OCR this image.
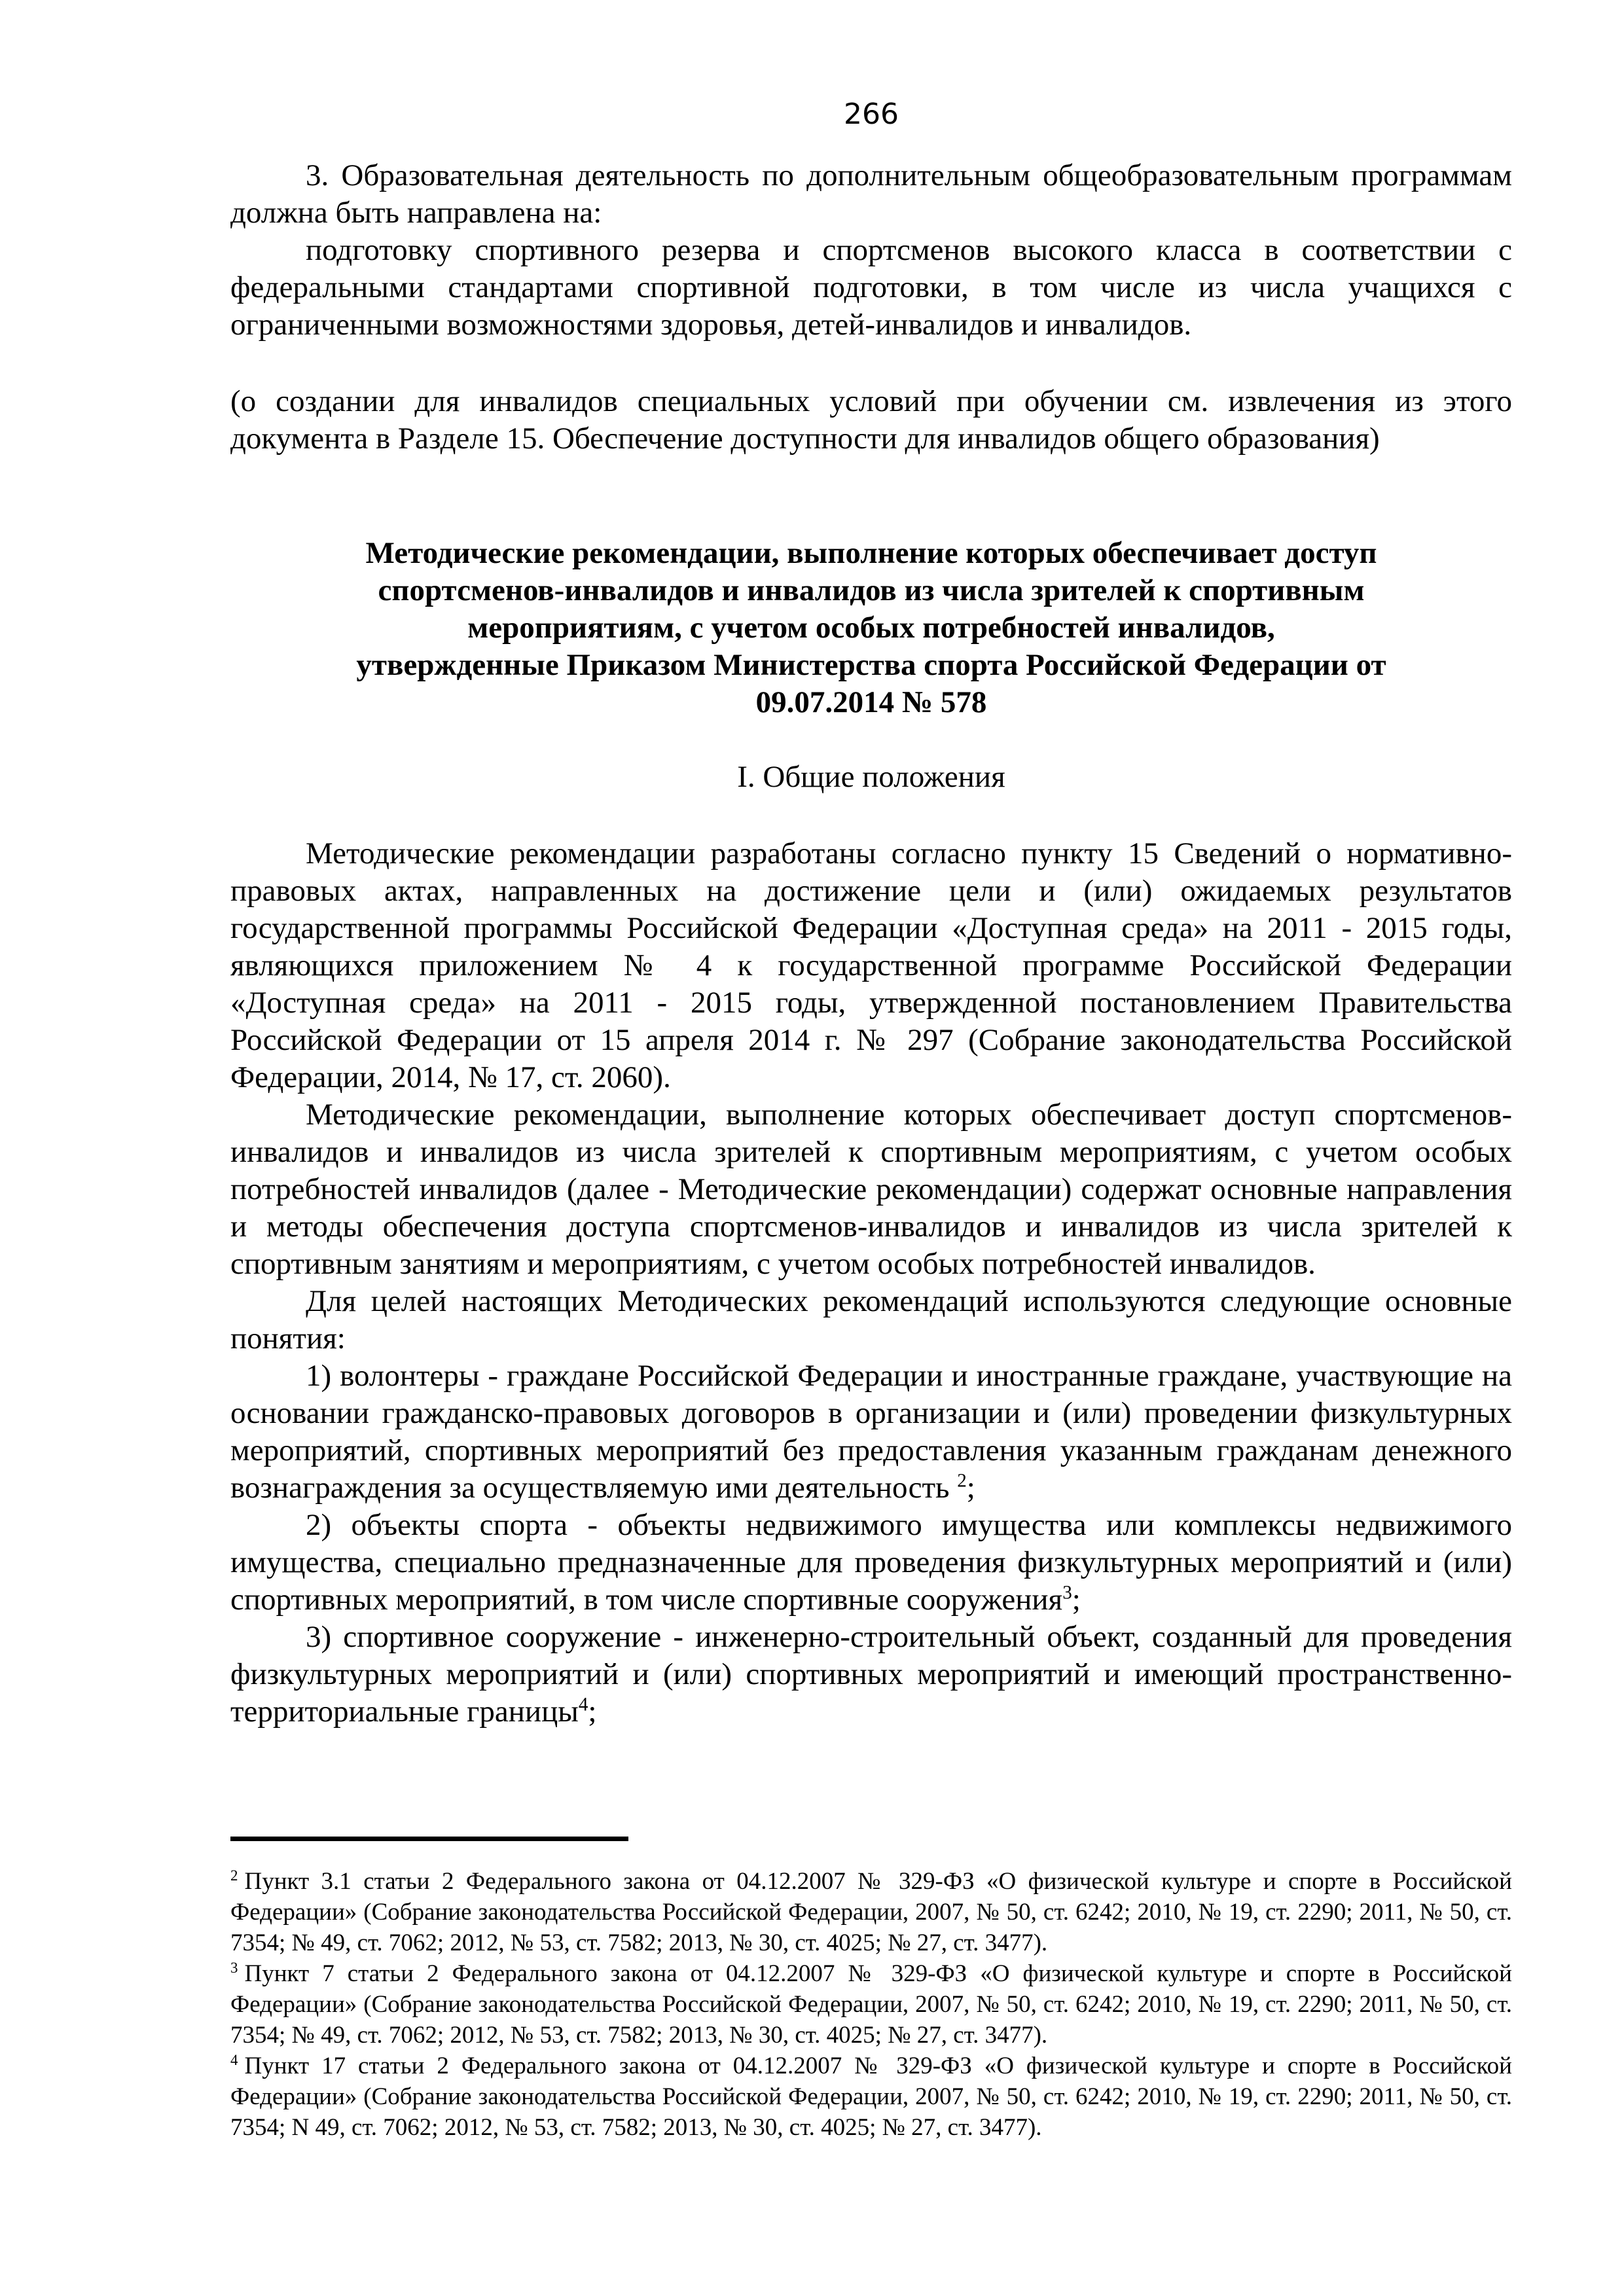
266

3. Образовательная деятельность по дополнительным общеобразовательным программам должна быть направлена на:

подготовку спортивного резерва и спортсменов высокого класса в соответствии с федеральными стандартами спортивной подготовки, в том числе из числа учащихся с ограниченными возможностями здоровья, детей-инвалидов и инвалидов.

(о создании для инвалидов специальных условий при обучении см. извлечения из этого документа в Разделе 15. Обеспечение доступности для инвалидов общего образования)

Методические рекомендации, выполнение которых обеспечивает доступ
спортсменов-инвалидов и инвалидов из числа зрителей к спортивным
мероприятиям, с учетом особых потребностей инвалидов,
утвержденные Приказом Министерства спорта Российской Федерации от
09.07.2014 № 578

I. Общие положения

Методические рекомендации разработаны согласно пункту 15 Сведений о нормативно-правовых актах, направленных на достижение цели и (или) ожидаемых результатов государственной программы Российской Федерации «Доступная среда» на 2011 - 2015 годы, являющихся приложением № 4 к государственной программе Российской Федерации «Доступная среда» на 2011 - 2015 годы, утвержденной постановлением Правительства Российской Федерации от 15 апреля 2014 г. № 297 (Собрание законодательства Российской Федерации, 2014, № 17, ст. 2060).

Методические рекомендации, выполнение которых обеспечивает доступ спортсменов-инвалидов и инвалидов из числа зрителей к спортивным мероприятиям, с учетом особых потребностей инвалидов (далее - Методические рекомендации) содержат основные направления и методы обеспечения доступа спортсменов-инвалидов и инвалидов из числа зрителей к спортивным занятиям и мероприятиям, с учетом особых потребностей инвалидов.

Для целей настоящих Методических рекомендаций используются следующие основные понятия:

1) волонтеры - граждане Российской Федерации и иностранные граждане, участвующие на основании гражданско-правовых договоров в организации и (или) проведении физкультурных мероприятий, спортивных мероприятий без предоставления указанным гражданам денежного вознаграждения за осуществляемую ими деятельность $^2$;

2) объекты спорта - объекты недвижимого имущества или комплексы недвижимого имущества, специально предназначенные для проведения физкультурных мероприятий и (или) спортивных мероприятий, в том числе спортивные сооружения$^3$;

3) спортивное сооружение - инженерно-строительный объект, созданный для проведения физкультурных мероприятий и (или) спортивных мероприятий и имеющий пространственно-территориальные границы$^4$;

$^2$ Пункт 3.1 статьи 2 Федерального закона от 04.12.2007 № 329-ФЗ «О физической культуре и спорте в Российской Федерации» (Собрание законодательства Российской Федерации, 2007, № 50, ст. 6242; 2010, № 19, ст. 2290; 2011, № 50, ст. 7354; № 49, ст. 7062; 2012, № 53, ст. 7582; 2013, № 30, ст. 4025; № 27, ст. 3477).

$^3$ Пункт 7 статьи 2 Федерального закона от 04.12.2007 № 329-ФЗ «О физической культуре и спорте в Российской Федерации» (Собрание законодательства Российской Федерации, 2007, № 50, ст. 6242; 2010, № 19, ст. 2290; 2011, № 50, ст. 7354; № 49, ст. 7062; 2012, № 53, ст. 7582; 2013, № 30, ст. 4025; № 27, ст. 3477).

$^4$ Пункт 17 статьи 2 Федерального закона от 04.12.2007 № 329-ФЗ «О физической культуре и спорте в Российской Федерации» (Собрание законодательства Российской Федерации, 2007, № 50, ст. 6242; 2010, № 19, ст. 2290; 2011, № 50, ст. 7354; N 49, ст. 7062; 2012, № 53, ст. 7582; 2013, № 30, ст. 4025; № 27, ст. 3477).
